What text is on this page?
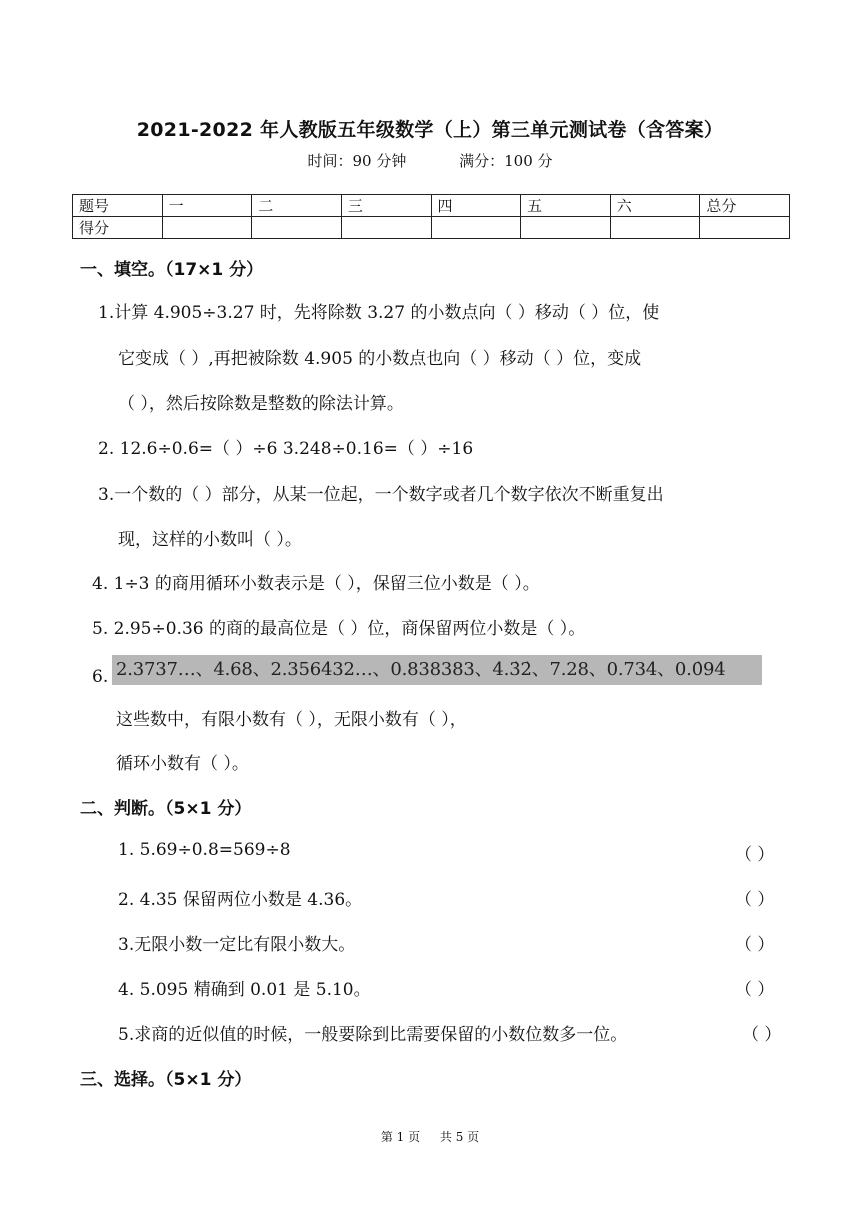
2021-2022 年人教版五年级数学（上）第三单元测试卷（含答案）
时间：90 分钟	满分：100 分
题号	一	二	三	四	五	六	总分
得分							
一、填空。（17×1 分）
1.计算 4.905÷3.27 时，先将除数 3.27 的小数点向（ ）移动（ ）位，使
它变成（ ）,再把被除数 4.905 的小数点也向（ ）移动（ ）位，变成
（ ），然后按除数是整数的除法计算。
2. 12.6÷0.6=（ ）÷6 3.248÷0.16=（ ）÷16
3.一个数的（ ）部分，从某一位起，一个数字或者几个数字依次不断重复出
现，这样的小数叫（ ）。
4. 1÷3 的商用循环小数表示是（ ），保留三位小数是（ ）。
5. 2.95÷0.36 的商的最高位是（ ）位，商保留两位小数是（ ）。
6. 2.3737…、4.68、2.356432…、0.838383、4.3̇2̇、7.28、0.734、0.0̇94̇
这些数中，有限小数有（ ），无限小数有（ ），
循环小数有（ ）。
二、判断。（5×1 分）
1. 5.69÷0.8=569÷8	（ ）
2. 4.35 保留两位小数是 4.36。	（ ）
3.无限小数一定比有限小数大。	（ ）
4. 5.095 精确到 0.01 是 5.10。	（ ）
5.求商的近似值的时候，一般要除到比需要保留的小数位数多一位。	（ ）
三、选择。（5×1 分）
第 1 页 共 5 页
